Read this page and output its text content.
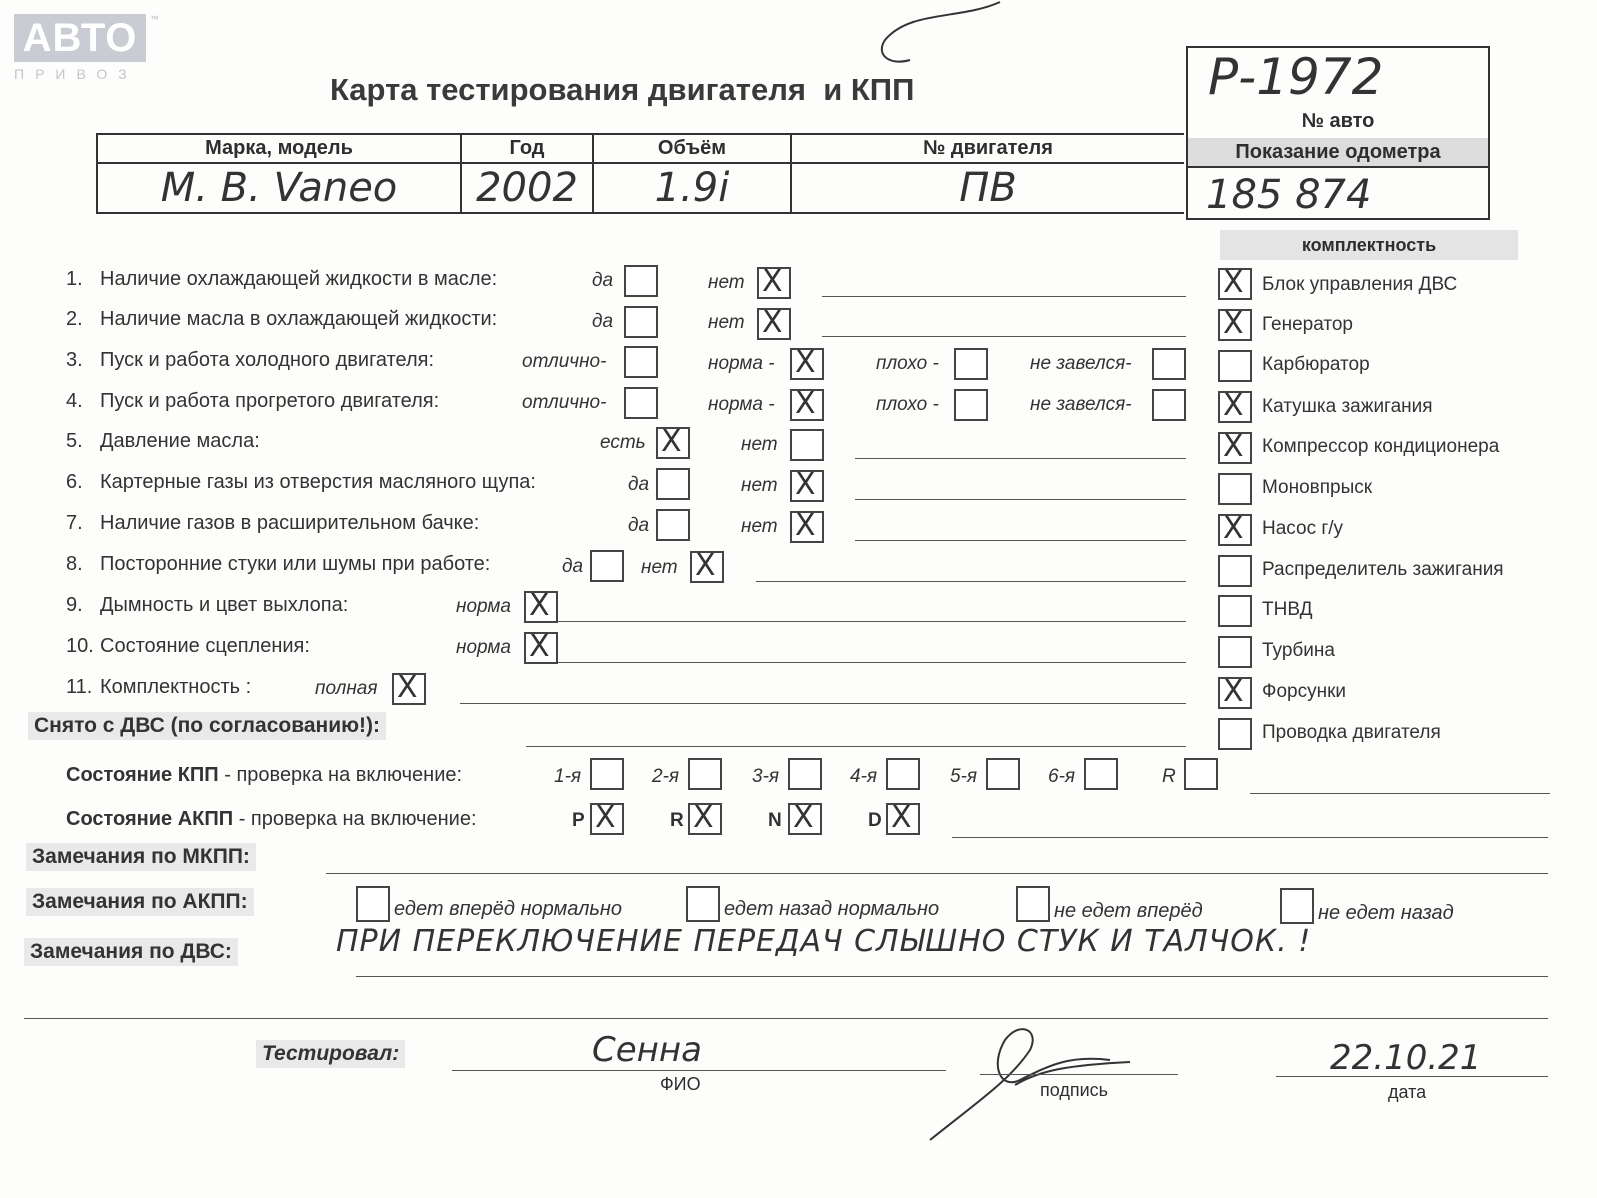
АВТО	™
ПРИВОЗ	Карта тестирования двигателя  и КПП	Р-1972
№ авто
Показание одометра
185 874
Марка, модель	Год	Объём	№ двигателя
M. B. Vaneo	2002	1.9i	ПВ
1. Наличие охлаждающей жидкости в масле:	да	нет X
2. Наличие масла в охлаждающей жидкости:	да	нет X
3. Пуск и работа холодного двигателя:	отлично-	норма - X	плохо -	не завелся-
4. Пуск и работа прогретого двигателя:	отлично-	норма - X	плохо -	не завелся-
5. Давление масла:	есть X	нет
6. Картерные газы из отверстия масляного щупа:	да	нет X
7. Наличие газов в расширительном бачке:	да	нет X
8. Посторонние стуки или шумы при работе:	да	нет X
9. Дымность и цвет выхлопа:	норма X
10. Состояние сцепления:	норма X
11. Комплектность :	полная X
комплектность
X Блок управления ДВС
X Генератор
Карбюратор
X Катушка зажигания
X Компрессор кондиционера
Моновпрыск
X Насос г/у
Распределитель зажигания
ТНВД
Турбина
X Форсунки
Проводка двигателя
Снято с ДВС (по согласованию!):
Состояние КПП - проверка на включение:	1-я	2-я	3-я	4-я	5-я	6-я	R
Состояние АКПП - проверка на включение:	P X	R X	N X	D X
Замечания по МКПП:
Замечания по АКПП:	едет вперёд нормально	едет назад нормально	не едет вперёд	не едет назад
Замечания по ДВС:	ПРИ ПЕРЕКЛЮЧЕНИЕ ПЕРЕДАЧ СЛЫШНО СТУК И ТАЛЧОК. !
Тестировал:	Сенна
ФИО	подпись
22.10.21
дата
